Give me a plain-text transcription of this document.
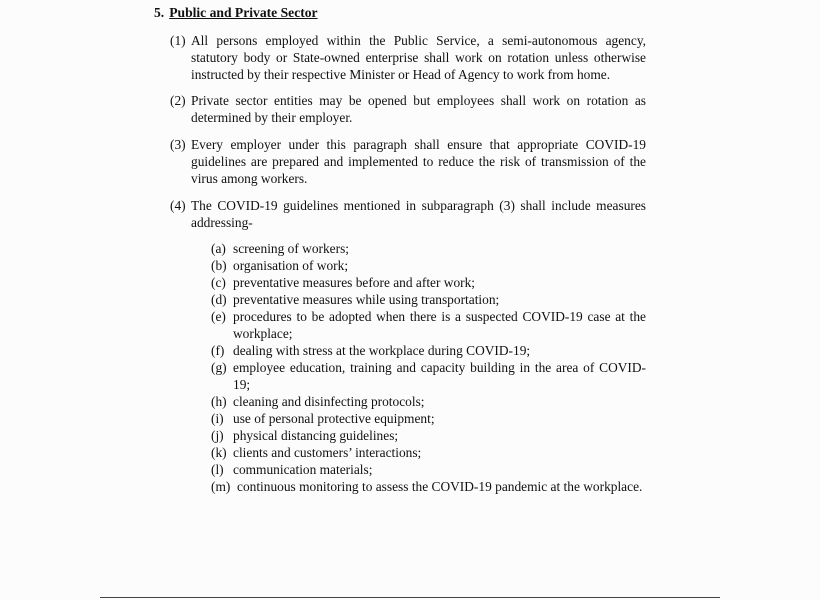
5. Public and Private Sector
(1) All persons employed within the Public Service, a semi-autonomous agency, statutory body or State-owned enterprise shall work on rotation unless otherwise instructed by their respective Minister or Head of Agency to work from home.
(2) Private sector entities may be opened but employees shall work on rotation as determined by their employer.
(3) Every employer under this paragraph shall ensure that appropriate COVID-19 guidelines are prepared and implemented to reduce the risk of transmission of the virus among workers.
(4) The COVID-19 guidelines mentioned in subparagraph (3) shall include measures addressing-
(a) screening of workers;
(b) organisation of work;
(c) preventative measures before and after work;
(d) preventative measures while using transportation;
(e) procedures to be adopted when there is a suspected COVID-19 case at the workplace;
(f) dealing with stress at the workplace during COVID-19;
(g) employee education, training and capacity building in the area of COVID-19;
(h) cleaning and disinfecting protocols;
(i) use of personal protective equipment;
(j) physical distancing guidelines;
(k) clients and customers’ interactions;
(l) communication materials;
(m) continuous monitoring to assess the COVID-19 pandemic at the workplace.
